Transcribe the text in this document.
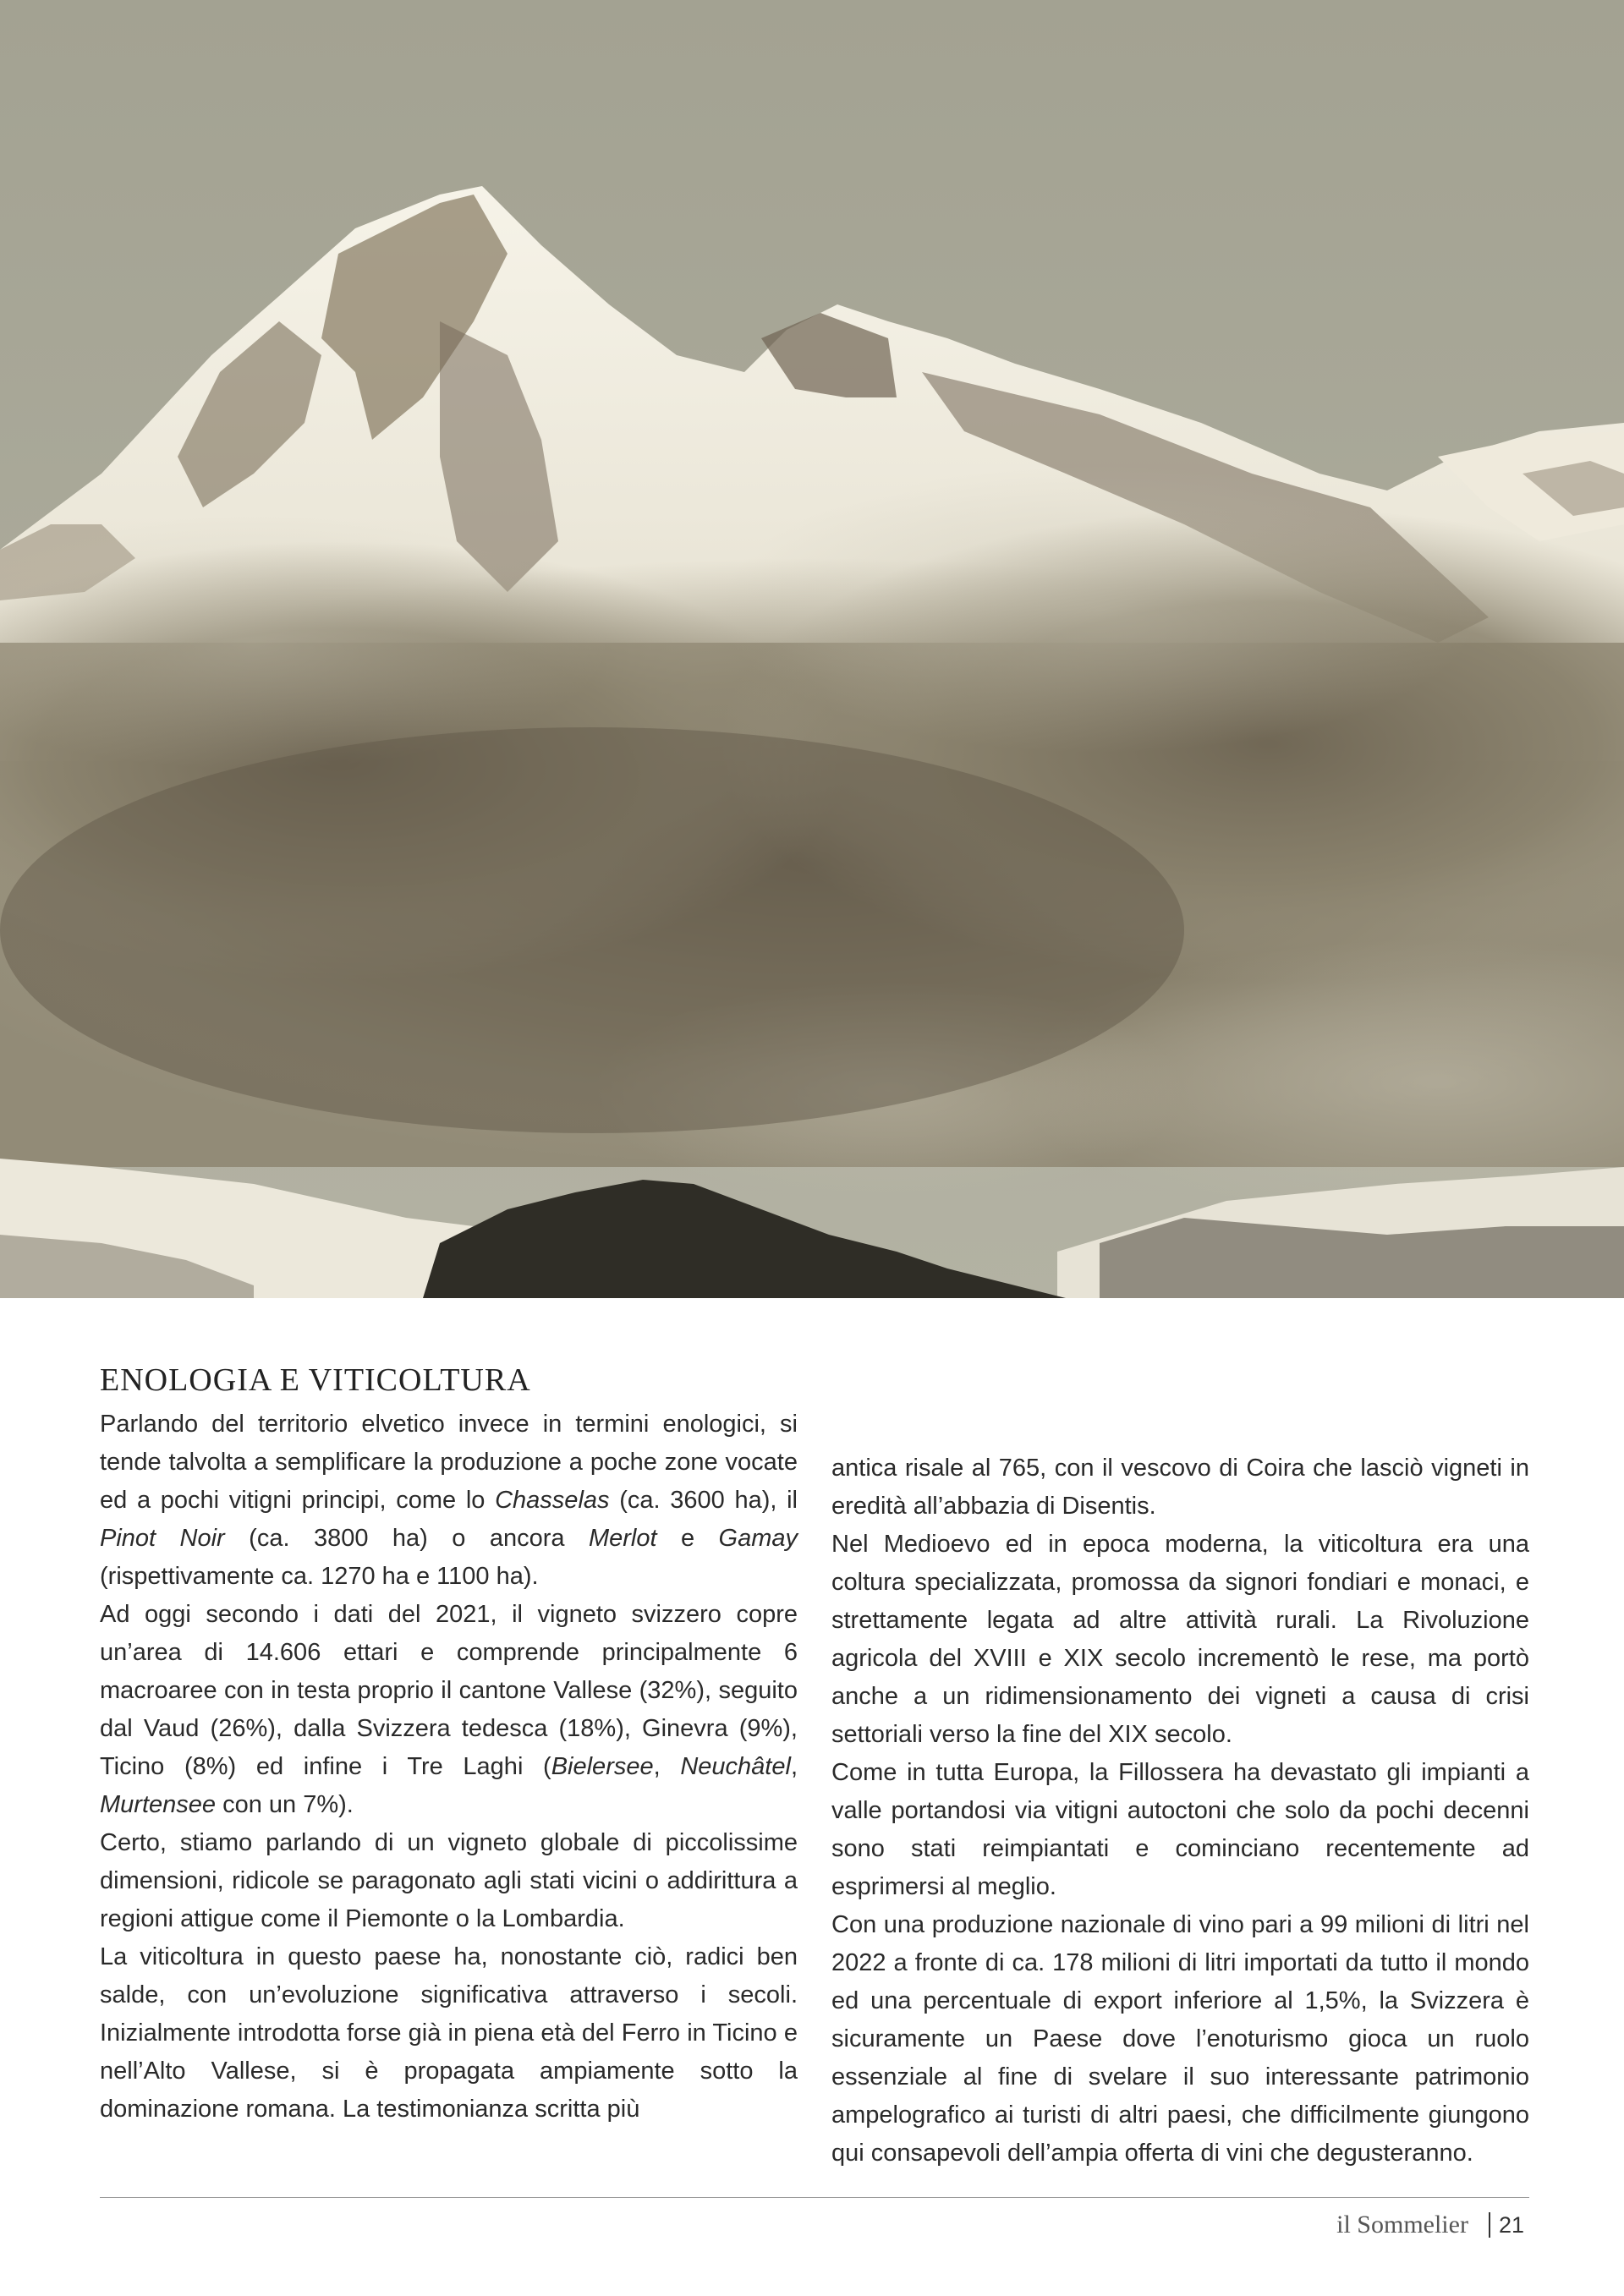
ENOLOGIA E VITICOLTURA

Parlando del territorio elvetico invece in termini enologici, si tende talvolta a semplificare la produzione a poche zone vocate ed a pochi vitigni principi, come lo Chasselas (ca. 3600 ha), il Pinot Noir (ca. 3800 ha) o ancora Merlot e Gamay (rispettivamente ca. 1270 ha e 1100 ha).

Ad oggi secondo i dati del 2021, il vigneto svizzero copre un’area di 14.606 ettari e comprende principalmente 6 macroaree con in testa proprio il cantone Vallese (32%), seguito dal Vaud (26%), dalla Svizzera tedesca (18%), Ginevra (9%), Ticino (8%) ed infine i Tre Laghi (Bielersee, Neuchâtel, Murtensee con un 7%).

Certo, stiamo parlando di un vigneto globale di piccolissime dimensioni, ridicole se paragonato agli stati vicini o addirittura a regioni attigue come il Piemonte o la Lombardia.

La viticoltura in questo paese ha, nonostante ciò, radici ben salde, con un’evoluzione significativa attraverso i secoli. Inizialmente introdotta forse già in piena età del Ferro in Ticino e nell’Alto Vallese, si è propagata ampiamente sotto la dominazione romana. La testimonianza scritta più

antica risale al 765, con il vescovo di Coira che lasciò vigneti in eredità all’abbazia di Disentis.

Nel Medioevo ed in epoca moderna, la viticoltura era una coltura specializzata, promossa da signori fondiari e monaci, e strettamente legata ad altre attività rurali. La Rivoluzione agricola del XVIII e XIX secolo incrementò le rese, ma portò anche a un ridimensionamento dei vigneti a causa di crisi settoriali verso la fine del XIX secolo.

Come in tutta Europa, la Fillossera ha devastato gli impianti a valle portandosi via vitigni autoctoni che solo da pochi decenni sono stati reimpiantati e cominciano recentemente ad esprimersi al meglio.

Con una produzione nazionale di vino pari a 99 milioni di litri nel 2022 a fronte di ca. 178 milioni di litri importati da tutto il mondo ed una percentuale di export inferiore al 1,5%, la Svizzera è sicuramente un Paese dove l’enoturismo gioca un ruolo essenziale al fine di svelare il suo interessante patrimonio ampelografico ai turisti di altri paesi, che difficilmente giungono qui consapevoli dell’ampia offerta di vini che degusteranno.

il Sommelier 21
